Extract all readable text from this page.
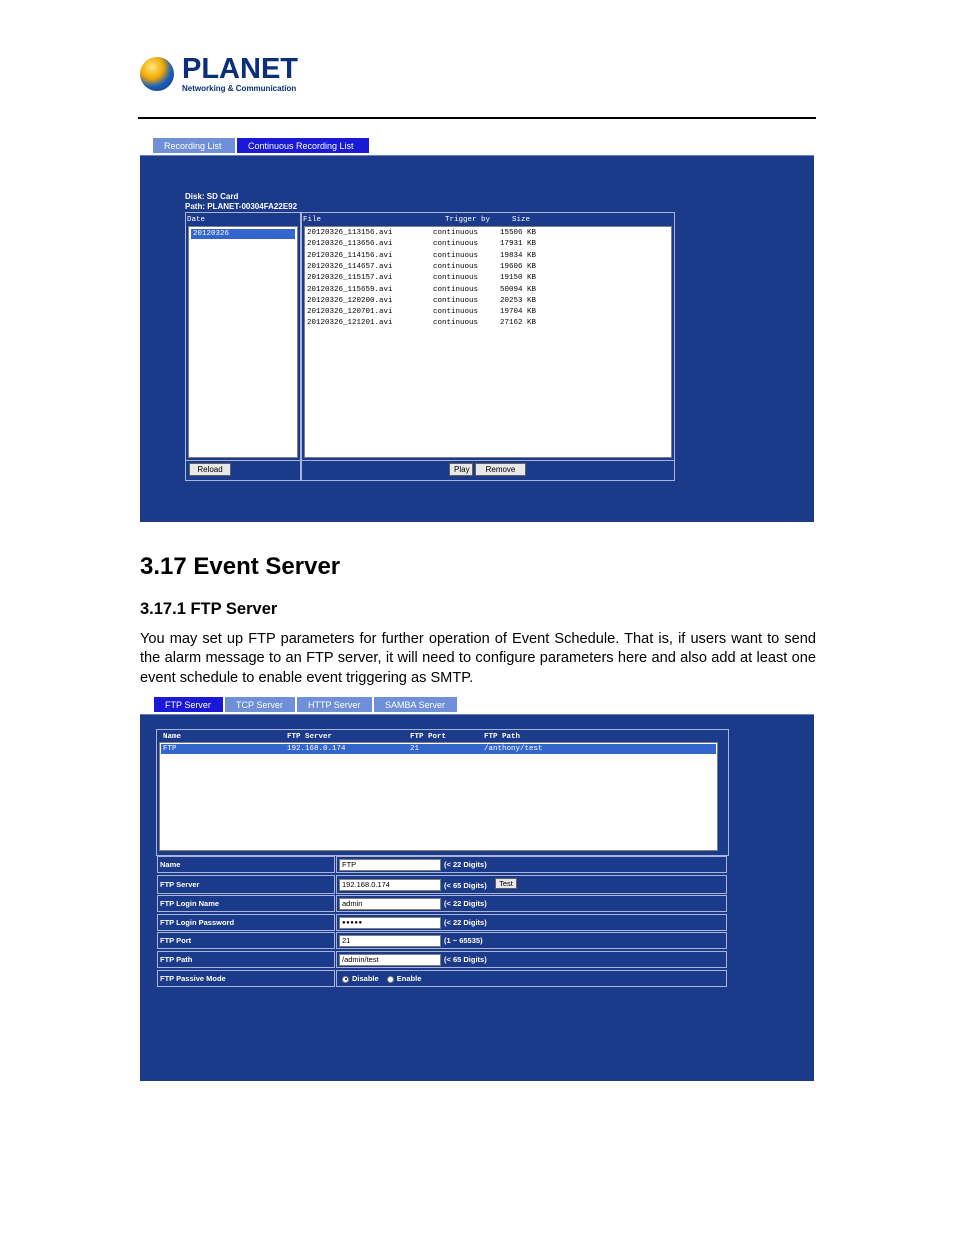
PLANET
Networking & Communication
Recording List	Continuous Recording List
Disk: SD Card
Path: PLANET-00304FA22E92
Date
20120326
Reload
File	Trigger by	Size
20120326_113156.avi	continuous	15506 KB
20120326_113656.avi	continuous	17931 KB
20120326_114156.avi	continuous	19834 KB
20120326_114657.avi	continuous	19606 KB
20120326_115157.avi	continuous	19150 KB
20120326_115659.avi	continuous	50094 KB
20120326_120200.avi	continuous	20253 KB
20120326_120701.avi	continuous	19704 KB
20120326_121201.avi	continuous	27162 KB
Play	Remove
3.17 Event Server
3.17.1 FTP Server
You may set up FTP parameters for further operation of Event Schedule. That is, if users want to send the alarm message to an FTP server, it will need to configure parameters here and also add at least one event schedule to enable event triggering as SMTP.
FTP Server	TCP Server	HTTP Server	SAMBA Server
Name	FTP Server	FTP Port	FTP Path
FTP	192.168.0.174	21	/anthony/test
Name	FTP	(< 22 Digits)
FTP Server	192.168.0.174	(< 65 Digits)	Test
FTP Login Name	admin	(< 22 Digits)
FTP Login Password	●●●●●	(< 22 Digits)
FTP Port	21	(1 ~ 65535)
FTP Path	/admin/test	(< 65 Digits)
FTP Passive Mode	Disable Enable
